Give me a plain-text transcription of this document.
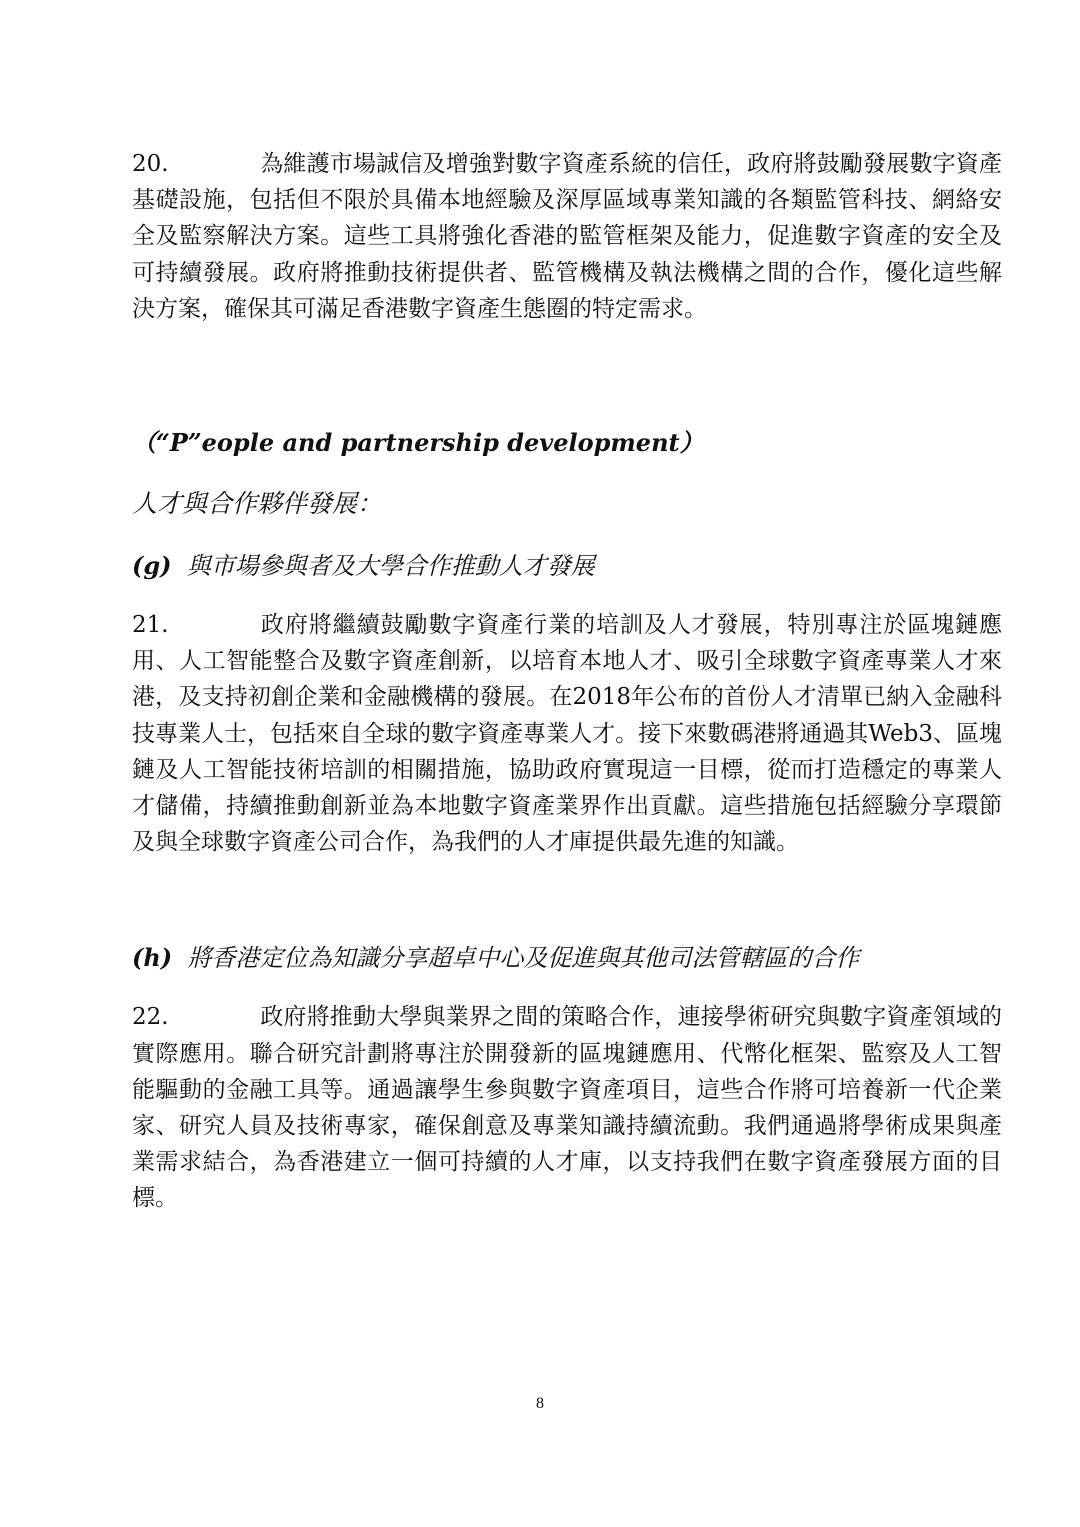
20.	為維護市場誠信及增強對數字資產系統的信任，政府將鼓勵發展數字資產基礎設施，包括但不限於具備本地經驗及深厚區域專業知識的各類監管科技、網絡安全及監察解決方案。這些工具將強化香港的監管框架及能力，促進數字資產的安全及可持續發展。政府將推動技術提供者、監管機構及執法機構之間的合作，優化這些解決方案，確保其可滿足香港數字資產生態圈的特定需求。

（“P”eople and partnership development）

人才與合作夥伴發展：

(g) 與市場參與者及大學合作推動人才發展

21.	政府將繼續鼓勵數字資產行業的培訓及人才發展，特別專注於區塊鏈應用、人工智能整合及數字資產創新，以培育本地人才、吸引全球數字資產專業人才來港，及支持初創企業和金融機構的發展。在2018年公布的首份人才清單已納入金融科技專業人士，包括來自全球的數字資產專業人才。接下來數碼港將通過其Web3、區塊鏈及人工智能技術培訓的相關措施，協助政府實現這一目標，從而打造穩定的專業人才儲備，持續推動創新並為本地數字資產業界作出貢獻。這些措施包括經驗分享環節及與全球數字資產公司合作，為我們的人才庫提供最先進的知識。

(h) 將香港定位為知識分享超卓中心及促進與其他司法管轄區的合作

22.	政府將推動大學與業界之間的策略合作，連接學術研究與數字資產領域的實際應用。聯合研究計劃將專注於開發新的區塊鏈應用、代幣化框架、監察及人工智能驅動的金融工具等。通過讓學生參與數字資產項目，這些合作將可培養新一代企業家、研究人員及技術專家，確保創意及專業知識持續流動。我們通過將學術成果與產業需求結合，為香港建立一個可持續的人才庫，以支持我們在數字資產發展方面的目標。

8
